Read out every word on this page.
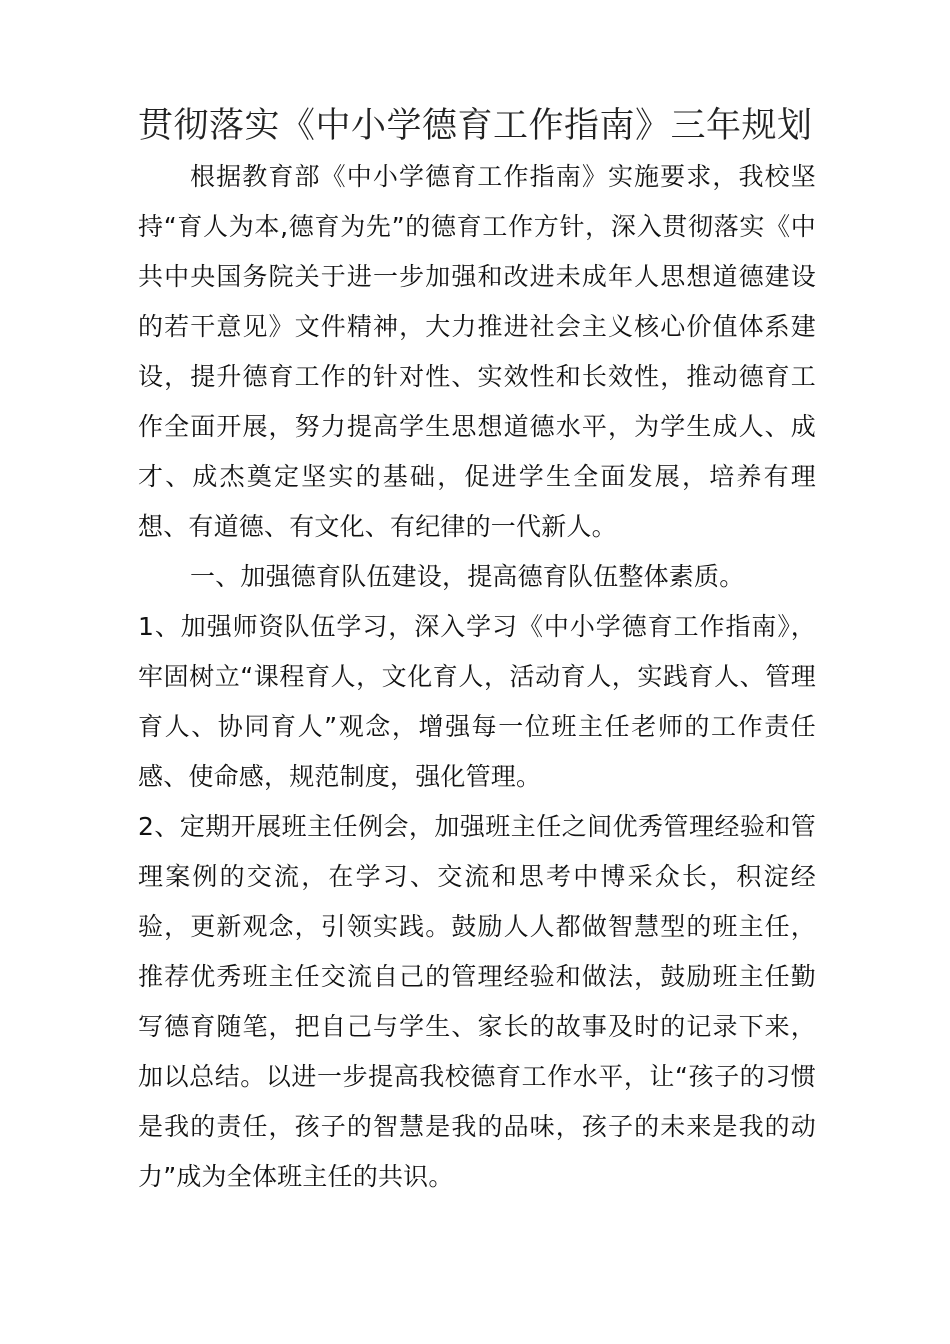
贯彻落实《中小学德育工作指南》三年规划

根据教育部《中小学德育工作指南》实施要求，我校坚持“育人为本,德育为先”的德育工作方针，深入贯彻落实《中共中央国务院关于进一步加强和改进未成年人思想道德建设的若干意见》文件精神，大力推进社会主义核心价值体系建设，提升德育工作的针对性、实效性和长效性，推动德育工作全面开展，努力提高学生思想道德水平，为学生成人、成才、成杰奠定坚实的基础，促进学生全面发展，培养有理想、有道德、有文化、有纪律的一代新人。

一、加强德育队伍建设，提高德育队伍整体素质。

1、加强师资队伍学习，深入学习《中小学德育工作指南》，牢固树立“课程育人，文化育人，活动育人，实践育人、管理育人、协同育人”观念，增强每一位班主任老师的工作责任感、使命感，规范制度，强化管理。

2、定期开展班主任例会，加强班主任之间优秀管理经验和管理案例的交流，在学习、交流和思考中博采众长，积淀经验，更新观念，引领实践。鼓励人人都做智慧型的班主任，推荐优秀班主任交流自己的管理经验和做法，鼓励班主任勤写德育随笔，把自己与学生、家长的故事及时的记录下来，加以总结。以进一步提高我校德育工作水平，让“孩子的习惯是我的责任，孩子的智慧是我的品味，孩子的未来是我的动力”成为全体班主任的共识。
